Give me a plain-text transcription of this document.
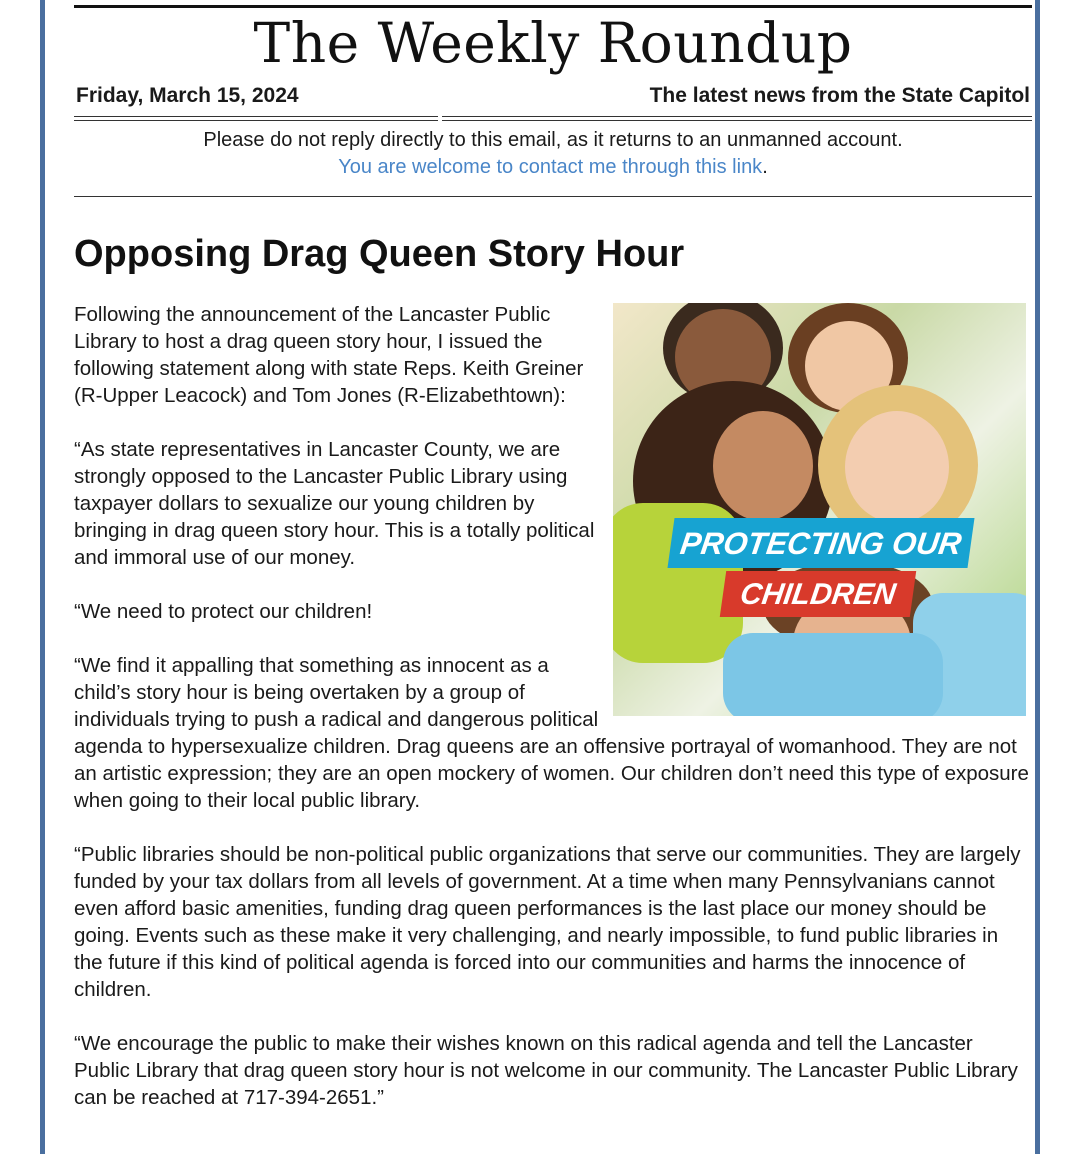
The Weekly Roundup
Friday, March 15, 2024	The latest news from the State Capitol
Please do not reply directly to this email, as it returns to an unmanned account.
You are welcome to contact me through this link.
Opposing Drag Queen Story Hour
PROTECTING OUR
CHILDREN

Following the announcement of the Lancaster Public Library to host a drag queen story hour, I issued the following statement along with state Reps. Keith Greiner (R-Upper Leacock) and Tom Jones (R-Elizabethtown):

“As state representatives in Lancaster County, we are strongly opposed to the Lancaster Public Library using taxpayer dollars to sexualize our young children by bringing in drag queen story hour. This is a totally political and immoral use of our money.

“We need to protect our children!

“We find it appalling that something as innocent as a child’s story hour is being overtaken by a group of individuals trying to push a radical and dangerous political agenda to hypersexualize children. Drag queens are an offensive portrayal of womanhood. They are not an artistic expression; they are an open mockery of women. Our children don’t need this type of exposure when going to their local public library.

“Public libraries should be non-political public organizations that serve our communities. They are largely funded by your tax dollars from all levels of government. At a time when many Pennsylvanians cannot even afford basic amenities, funding drag queen performances is the last place our money should be going. Events such as these make it very challenging, and nearly impossible, to fund public libraries in the future if this kind of political agenda is forced into our communities and harms the innocence of children.

“We encourage the public to make their wishes known on this radical agenda and tell the Lancaster Public Library that drag queen story hour is not welcome in our community. The Lancaster Public Library can be reached at 717-394-2651.”
